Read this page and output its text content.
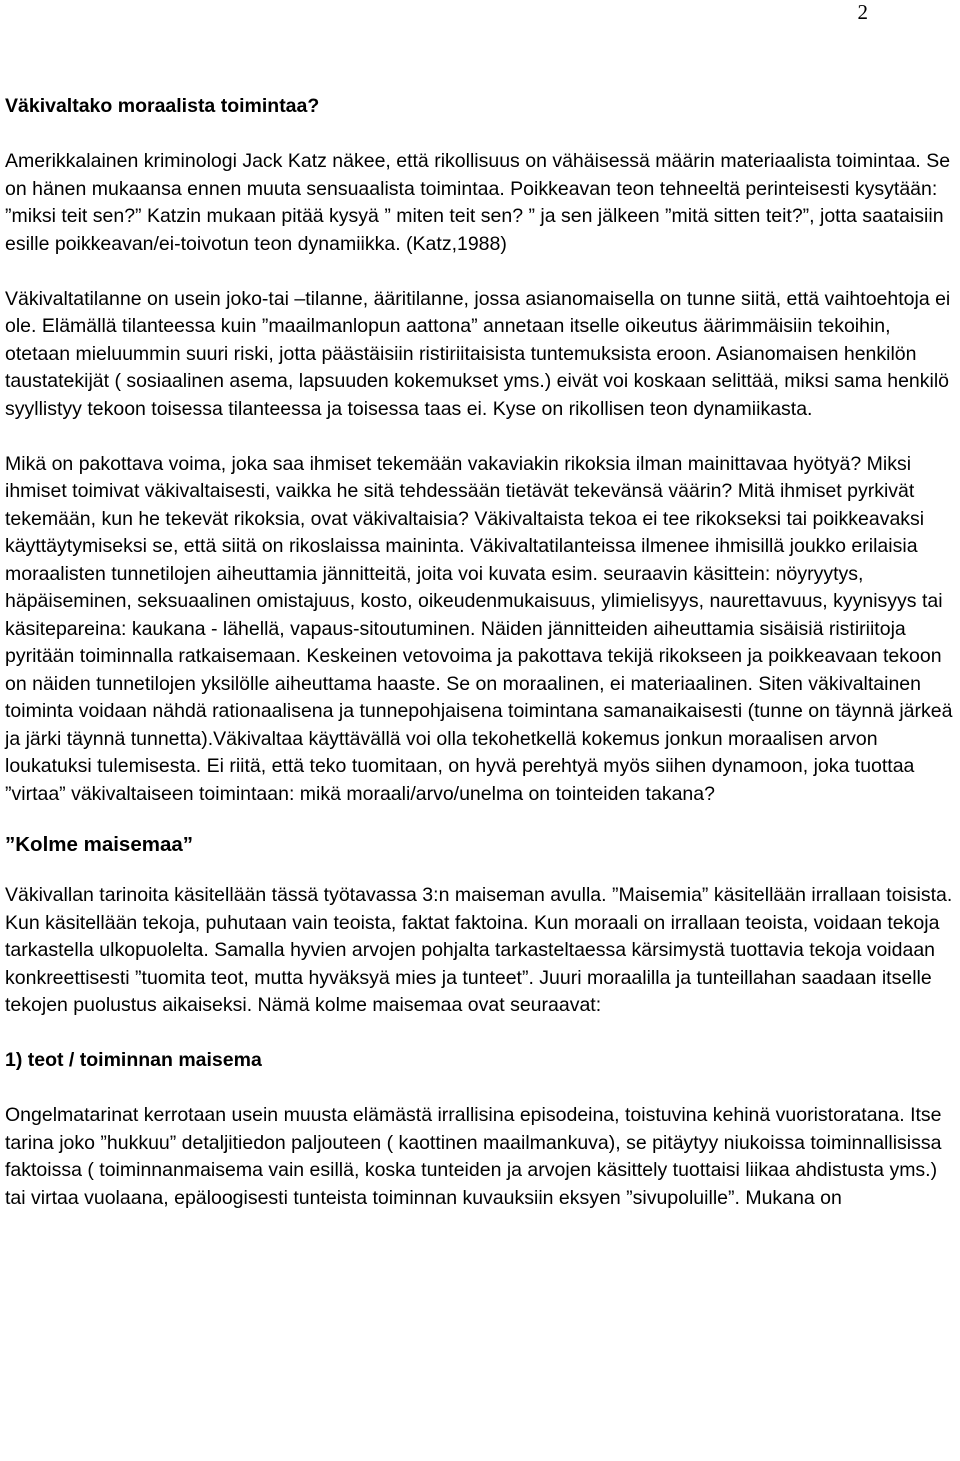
2

Väkivaltako moraalista toimintaa?

Amerikkalainen kriminologi Jack Katz näkee, että rikollisuus on vähäisessä määrin materiaalista toimintaa. Se on hänen mukaansa ennen muuta sensuaalista toimintaa. Poikkeavan teon tehneeltä perinteisesti kysytään: ”miksi teit sen?” Katzin mukaan pitää kysyä ” miten teit sen? ” ja sen jälkeen ”mitä sitten teit?”, jotta saataisiin esille poikkeavan/ei-toivotun teon dynamiikka. (Katz,1988)

Väkivaltatilanne on usein joko-tai –tilanne, ääritilanne, jossa asianomaisella on tunne siitä, että vaihtoehtoja ei ole. Elämällä tilanteessa kuin ”maailmanlopun aattona” annetaan itselle oikeutus äärimmäisiin tekoihin, otetaan mieluummin suuri riski, jotta päästäisiin ristiriitaisista tuntemuksista eroon. Asianomaisen henkilön taustatekijät ( sosiaalinen asema, lapsuuden kokemukset yms.) eivät voi koskaan selittää, miksi sama henkilö syyllistyy tekoon toisessa tilanteessa ja toisessa taas ei. Kyse on rikollisen teon dynamiikasta.

Mikä on pakottava voima, joka saa ihmiset tekemään vakaviakin rikoksia ilman mainittavaa hyötyä? Miksi ihmiset toimivat väkivaltaisesti, vaikka he sitä tehdessään tietävät tekevänsä väärin? Mitä ihmiset pyrkivät tekemään, kun he tekevät rikoksia, ovat väkivaltaisia? Väkivaltaista tekoa ei tee rikokseksi tai poikkeavaksi käyttäytymiseksi se, että siitä on rikoslaissa maininta. Väkivaltatilanteissa ilmenee ihmisillä joukko erilaisia moraalisten tunnetilojen aiheuttamia jännitteitä, joita voi kuvata esim. seuraavin käsittein: nöyryytys, häpäiseminen, seksuaalinen omistajuus, kosto, oikeudenmukaisuus, ylimielisyys, naurettavuus, kyynisyys tai käsitepareina: kaukana - lähellä, vapaus-sitoutuminen. Näiden jännitteiden aiheuttamia sisäisiä ristiriitoja pyritään toiminnalla ratkaisemaan. Keskeinen vetovoima ja pakottava tekijä rikokseen ja poikkeavaan tekoon on näiden tunnetilojen yksilölle aiheuttama haaste. Se on moraalinen, ei materiaalinen. Siten väkivaltainen toiminta voidaan nähdä rationaalisena ja tunnepohjaisena toimintana samanaikaisesti (tunne on täynnä järkeä ja järki täynnä tunnetta).Väkivaltaa käyttävällä voi olla tekohetkellä kokemus jonkun moraalisen arvon loukatuksi tulemisesta. Ei riitä, että teko tuomitaan, on hyvä perehtyä myös siihen dynamoon, joka tuottaa ”virtaa” väkivaltaiseen toimintaan: mikä moraali/arvo/unelma on tointeiden takana?

”Kolme maisemaa”

Väkivallan tarinoita käsitellään tässä työtavassa 3:n maiseman avulla. ”Maisemia” käsitellään irrallaan toisista. Kun käsitellään tekoja, puhutaan vain teoista, faktat faktoina. Kun moraali on irrallaan teoista, voidaan tekoja tarkastella ulkopuolelta. Samalla hyvien arvojen pohjalta tarkasteltaessa kärsimystä tuottavia tekoja voidaan konkreettisesti ”tuomita teot, mutta hyväksyä mies ja tunteet”. Juuri moraalilla ja tunteillahan saadaan itselle tekojen puolustus aikaiseksi. Nämä kolme maisemaa ovat seuraavat:

1) teot / toiminnan maisema

Ongelmatarinat kerrotaan usein muusta elämästä irrallisina episodeina, toistuvina kehinä vuoristoratana. Itse tarina joko ”hukkuu” detaljitiedon paljouteen ( kaottinen maailmankuva), se pitäytyy niukoissa toiminnallisissa faktoissa ( toiminnanmaisema vain esillä, koska tunteiden ja arvojen käsittely tuottaisi liikaa ahdistusta yms.) tai virtaa vuolaana, epäloogisesti tunteista toiminnan kuvauksiin eksyen ”sivupoluille”. Mukana on
